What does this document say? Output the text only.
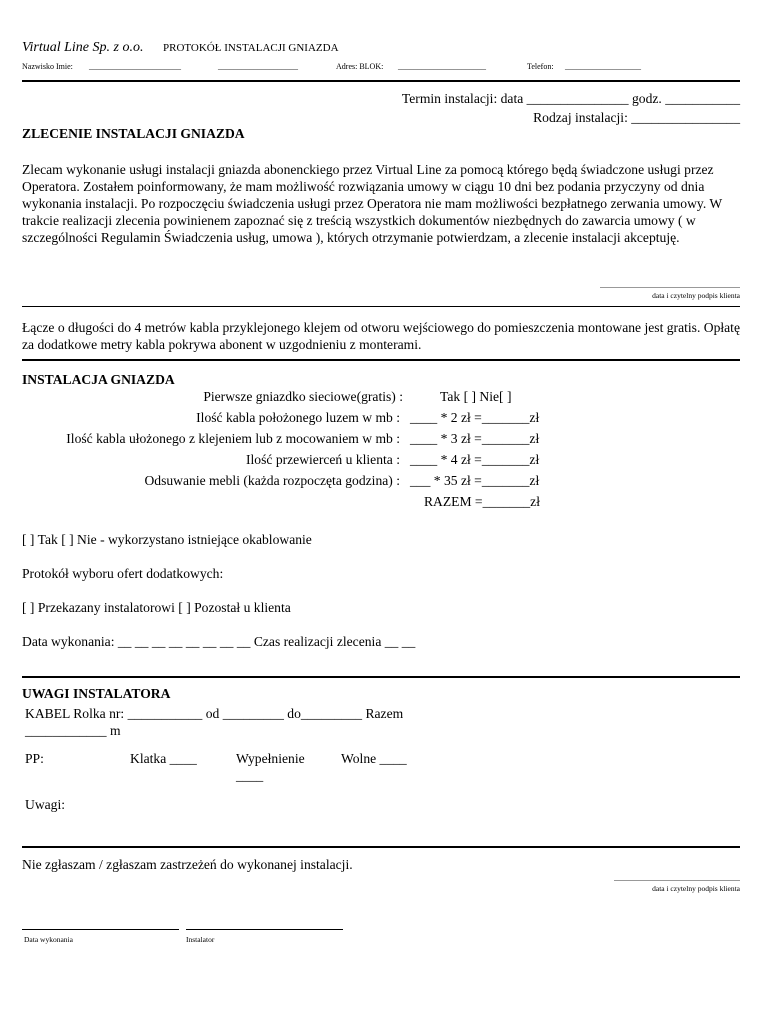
Virtual Line Sp. z o.o. PROTOKÓŁ INSTALACJI GNIAZDA
Nazwisko Imie: _______________________	____________________	Adres: BLOK: ______________________	Telefon: ___________________
Termin instalacji: data _______________ godz. ___________
Rodzaj instalacji: ________________
ZLECENIE INSTALACJI GNIAZDA
Zlecam wykonanie usługi instalacji gniazda abonenckiego przez Virtual Line za pomocą którego będą świadczone usługi przez Operatora. Zostałem poinformowany, że mam możliwość rozwiązania umowy w ciągu 10 dni bez podania przyczyny od dnia wykonania instalacji. Po rozpoczęciu świadczenia usługi przez Operatora nie mam możliwości bezpłatnego zerwania umowy. W trakcie realizacji zlecenia powinienem zapoznać się z treścią wszystkich dokumentów niezbędnych do zawarcia umowy ( w szczególności Regulamin Świadczenia usług, umowa ), których otrzymanie potwierdzam, a zlecenie instalacji akceptuję.
data i czytelny podpis klienta
Łącze o długości do 4 metrów kabla przyklejonego klejem od otworu wejściowego do pomieszczenia montowane jest gratis. Opłatę za dodatkowe metry kabla pokrywa abonent w uzgodnieniu z monterami.
INSTALACJA GNIAZDA
Pierwsze gniazdko sieciowe(gratis) :	Tak [ ] Nie[ ]
Ilość kabla położonego luzem w mb : ____ * 2 zł =_______zł
Ilość kabla ułożonego z klejeniem lub z mocowaniem w mb : ____ * 3 zł =_______zł
Ilość przewierceń u klienta : ____ * 4 zł =_______zł
Odsuwanie mebli (każda rozpoczęta godzina) : ___ * 35 zł =_______zł
RAZEM =_______zł
[ ] Tak [ ] Nie - wykorzystano istniejące okablowanie
Protokół wyboru ofert dodatkowych:
[ ] Przekazany instalatorowi [ ] Pozostał u klienta
Data wykonania: __ __ __ __ __ __ __ __ Czas realizacji zlecenia __ __
UWAGI INSTALATORA
KABEL Rolka nr: ___________ od _________ do_________ Razem
____________ m
PP:	Klatka ____	Wypełnienie
____
Wolne ____
Uwagi:
Nie zgłaszam / zgłaszam zastrzeżeń do wykonanej instalacji.
data i czytelny podpis klienta
Data wykonania	Instalator
